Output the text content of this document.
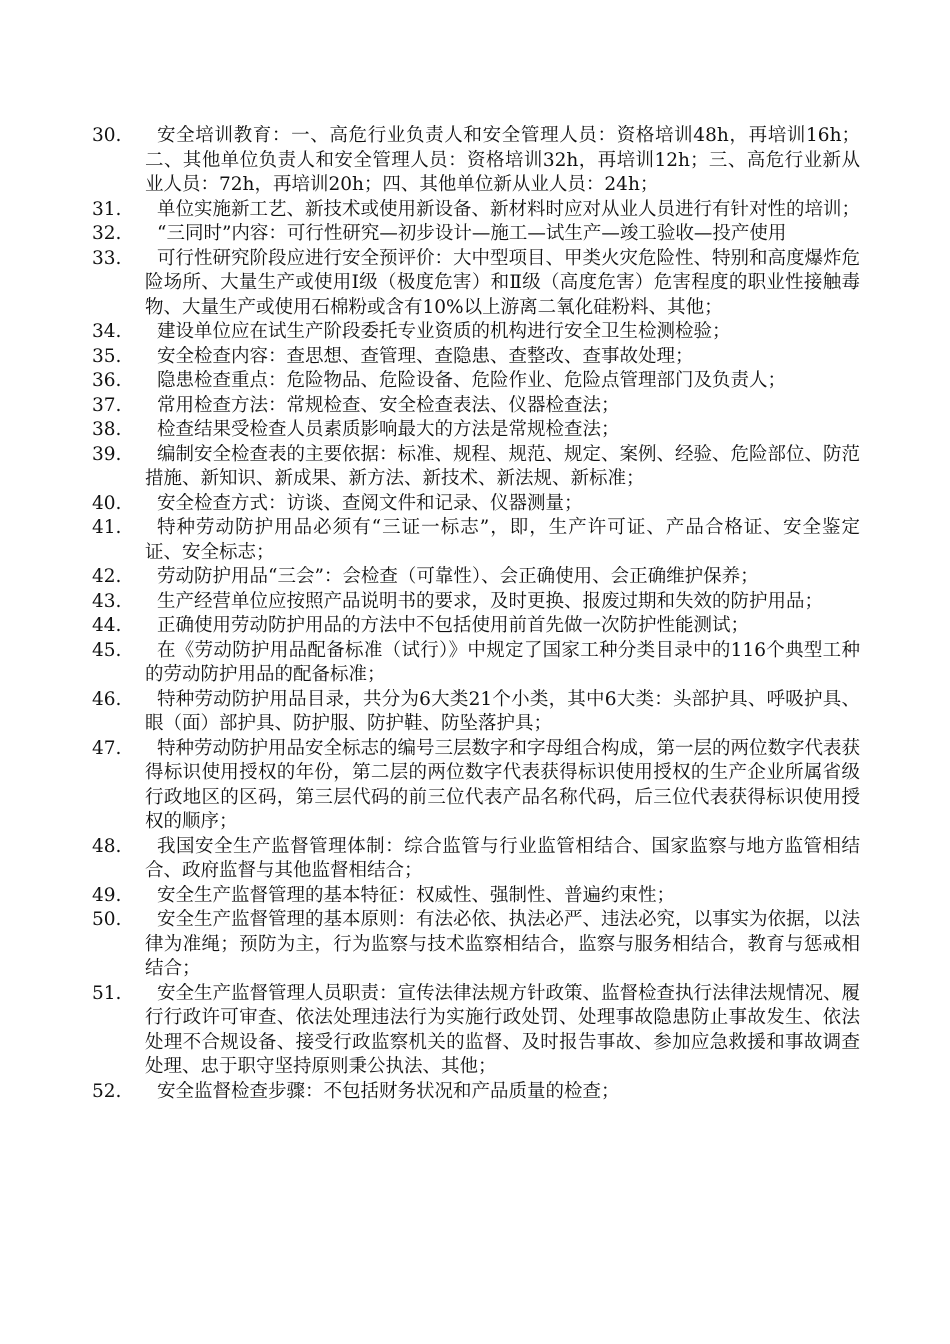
30.	安全培训教育：一、高危行业负责人和安全管理人员：资格培训48h，再培训16h；二、其他单位负责人和安全管理人员：资格培训32h，再培训12h；三、高危行业新从业人员：72h，再培训20h；四、其他单位新从业人员：24h；
31.	单位实施新工艺、新技术或使用新设备、新材料时应对从业人员进行有针对性的培训；
32.	“三同时”内容：可行性研究—初步设计—施工—试生产—竣工验收—投产使用
33.	可行性研究阶段应进行安全预评价：大中型项目、甲类火灾危险性、特别和高度爆炸危险场所、大量生产或使用Ⅰ级（极度危害）和Ⅱ级（高度危害）危害程度的职业性接触毒物、大量生产或使用石棉粉或含有10%以上游离二氧化硅粉料、其他；
34.	建设单位应在试生产阶段委托专业资质的机构进行安全卫生检测检验；
35.	安全检查内容：查思想、查管理、查隐患、查整改、查事故处理；
36.	隐患检查重点：危险物品、危险设备、危险作业、危险点管理部门及负责人；
37.	常用检查方法：常规检查、安全检查表法、仪器检查法；
38.	检查结果受检查人员素质影响最大的方法是常规检查法；
39.	编制安全检查表的主要依据：标准、规程、规范、规定、案例、经验、危险部位、防范措施、新知识、新成果、新方法、新技术、新法规、新标准；
40.	安全检查方式：访谈、查阅文件和记录、仪器测量；
41.	特种劳动防护用品必须有“三证一标志”，即，生产许可证、产品合格证、安全鉴定证、安全标志；
42.	劳动防护用品“三会”：会检查（可靠性）、会正确使用、会正确维护保养；
43.	生产经营单位应按照产品说明书的要求，及时更换、报废过期和失效的防护用品；
44.	正确使用劳动防护用品的方法中不包括使用前首先做一次防护性能测试；
45.	在《劳动防护用品配备标准（试行）》中规定了国家工种分类目录中的116个典型工种的劳动防护用品的配备标准；
46.	特种劳动防护用品目录，共分为6大类21个小类，其中6大类：头部护具、呼吸护具、眼（面）部护具、防护服、防护鞋、防坠落护具；
47.	特种劳动防护用品安全标志的编号三层数字和字母组合构成，第一层的两位数字代表获得标识使用授权的年份，第二层的两位数字代表获得标识使用授权的生产企业所属省级行政地区的区码，第三层代码的前三位代表产品名称代码，后三位代表获得标识使用授权的顺序；
48.	我国安全生产监督管理体制：综合监管与行业监管相结合、国家监察与地方监管相结合、政府监督与其他监督相结合；
49.	安全生产监督管理的基本特征：权威性、强制性、普遍约束性；
50.	安全生产监督管理的基本原则：有法必依、执法必严、违法必究，以事实为依据，以法律为准绳；预防为主，行为监察与技术监察相结合，监察与服务相结合，教育与惩戒相结合；
51.	安全生产监督管理人员职责：宣传法律法规方针政策、监督检查执行法律法规情况、履行行政许可审查、依法处理违法行为实施行政处罚、处理事故隐患防止事故发生、依法处理不合规设备、接受行政监察机关的监督、及时报告事故、参加应急救援和事故调查处理、忠于职守坚持原则秉公执法、其他；
52.	安全监督检查步骤：不包括财务状况和产品质量的检查；
